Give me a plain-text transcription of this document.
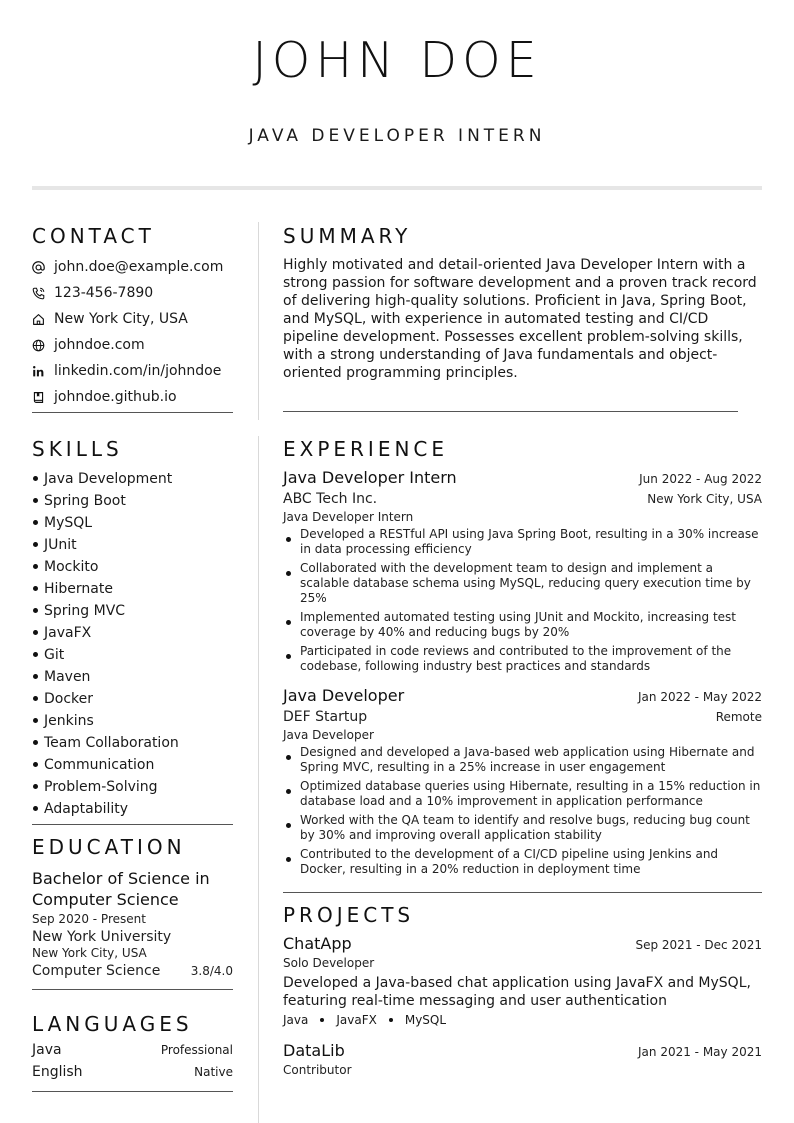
JOHN DOE
JAVA DEVELOPER INTERN
CONTACT
john.doe@example.com
123-456-7890
New York City, USA
johndoe.com
linkedin.com/in/johndoe
johndoe.github.io
SKILLS
Java Development
Spring Boot
MySQL
JUnit
Mockito
Hibernate
Spring MVC
JavaFX
Git
Maven
Docker
Jenkins
Team Collaboration
Communication
Problem-Solving
Adaptability
EDUCATION
Bachelor of Science in Computer Science
Sep 2020 - Present
New York University
New York City, USA
Computer Science	3.8/4.0
LANGUAGES
Java	Professional
English	Native
SUMMARY
Highly motivated and detail-oriented Java Developer Intern with a strong passion for software development and a proven track record of delivering high-quality solutions. Proficient in Java, Spring Boot, and MySQL, with experience in automated testing and CI/CD pipeline development. Possesses excellent problem-solving skills, with a strong understanding of Java fundamentals and object-oriented programming principles.
EXPERIENCE
Java Developer Intern	Jun 2022 - Aug 2022
ABC Tech Inc.	New York City, USA
Java Developer Intern
Developed a RESTful API using Java Spring Boot, resulting in a 30% increase in data processing efficiency
Collaborated with the development team to design and implement a scalable database schema using MySQL, reducing query execution time by 25%
Implemented automated testing using JUnit and Mockito, increasing test coverage by 40% and reducing bugs by 20%
Participated in code reviews and contributed to the improvement of the codebase, following industry best practices and standards
Java Developer	Jan 2022 - May 2022
DEF Startup	Remote
Java Developer
Designed and developed a Java-based web application using Hibernate and Spring MVC, resulting in a 25% increase in user engagement
Optimized database queries using Hibernate, resulting in a 15% reduction in database load and a 10% improvement in application performance
Worked with the QA team to identify and resolve bugs, reducing bug count by 30% and improving overall application stability
Contributed to the development of a CI/CD pipeline using Jenkins and Docker, resulting in a 20% reduction in deployment time
PROJECTS
ChatApp	Sep 2021 - Dec 2021
Solo Developer
Developed a Java-based chat application using JavaFX and MySQL, featuring real-time messaging and user authentication
Java JavaFX MySQL
DataLib	Jan 2021 - May 2021
Contributor
